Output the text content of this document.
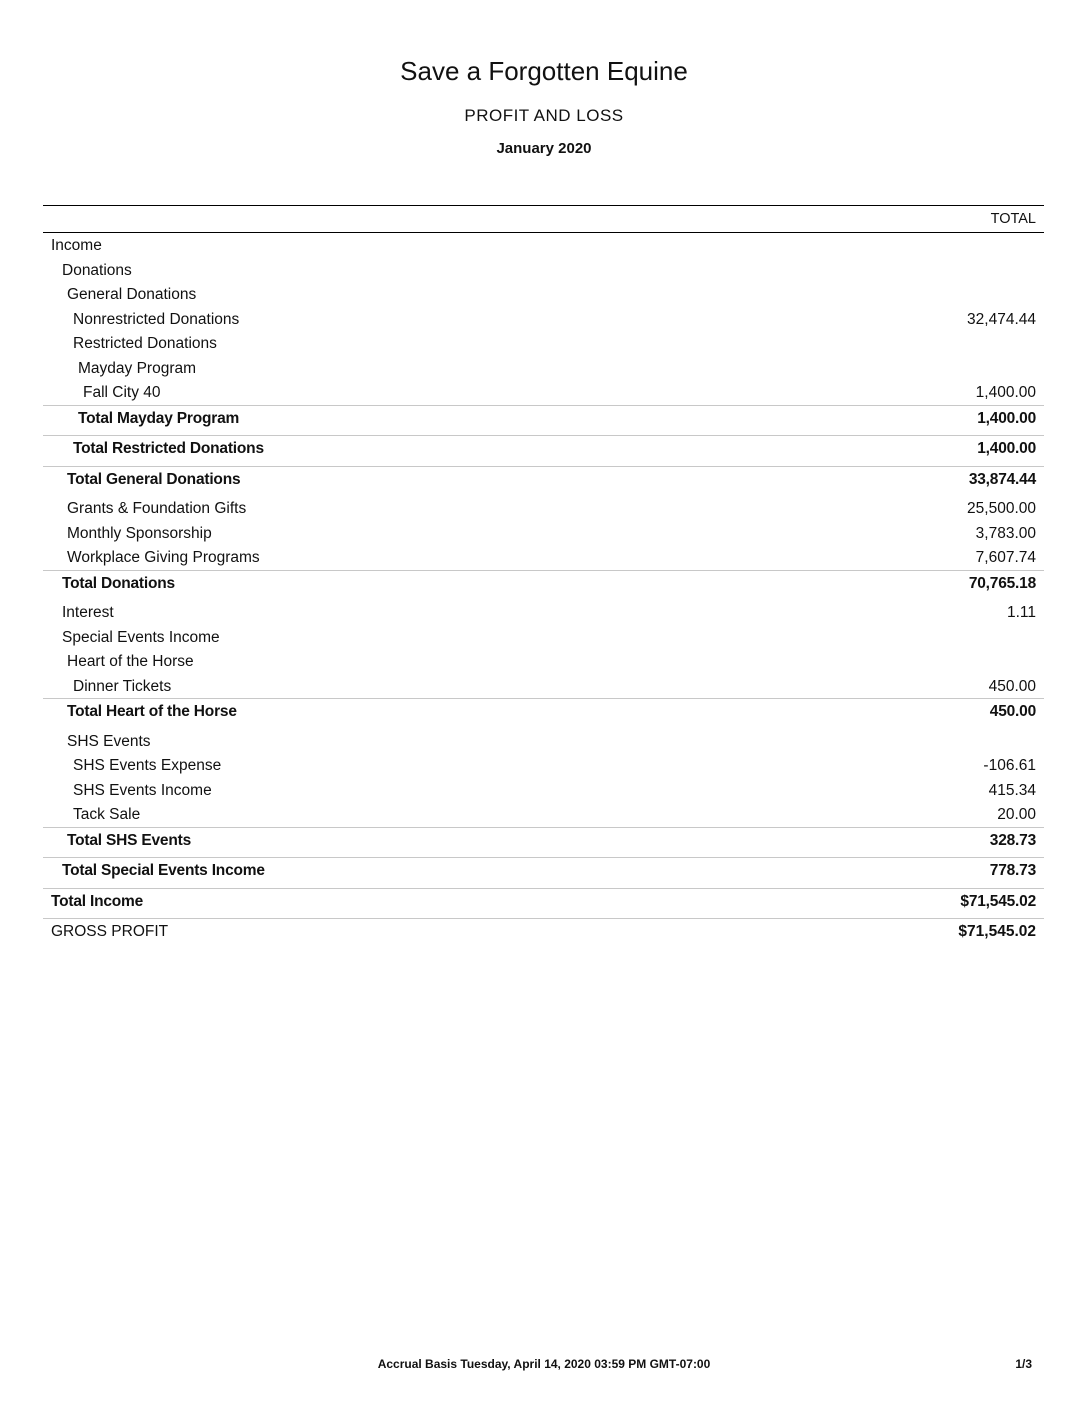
Save a Forgotten Equine
PROFIT AND LOSS
January 2020
TOTAL
Income
Donations
General Donations
Nonrestricted Donations	32,474.44
Restricted Donations
Mayday Program
Fall City 40	1,400.00
Total Mayday Program	1,400.00
Total Restricted Donations	1,400.00
Total General Donations	33,874.44
Grants & Foundation Gifts	25,500.00
Monthly Sponsorship	3,783.00
Workplace Giving Programs	7,607.74
Total Donations	70,765.18
Interest	1.11
Special Events Income
Heart of the Horse
Dinner Tickets	450.00
Total Heart of the Horse	450.00
SHS Events
SHS Events Expense	-106.61
SHS Events Income	415.34
Tack Sale	20.00
Total SHS Events	328.73
Total Special Events Income	778.73
Total Income	$71,545.02
GROSS PROFIT	$71,545.02
Accrual Basis Tuesday, April 14, 2020 03:59 PM GMT-07:00	1/3
